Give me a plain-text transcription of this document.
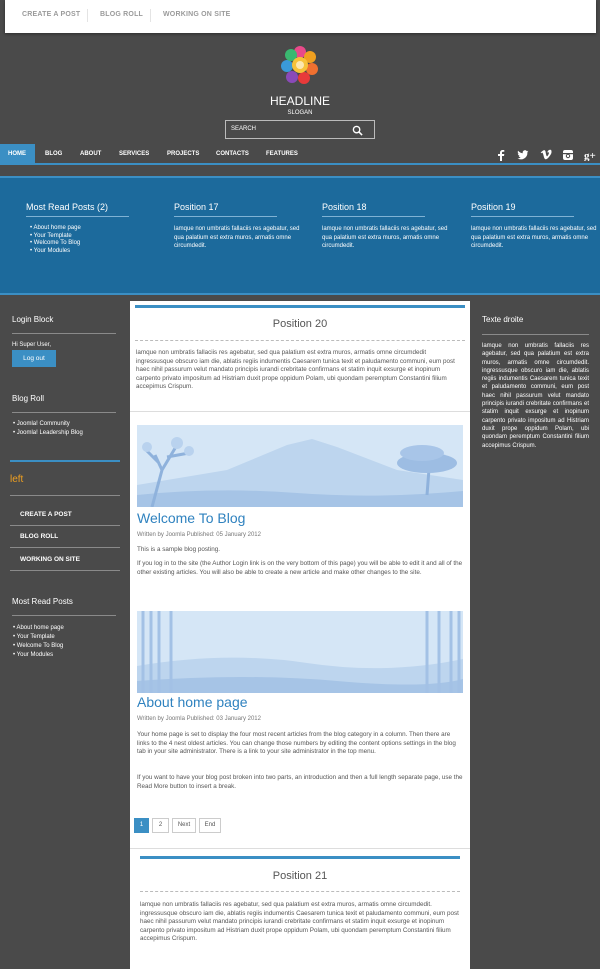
CREATE A POST	BLOG ROLL	WORKING ON SITE
HEADLINE
SLOGAN
SEARCH
HOME	BLOG	ABOUT	SERVICES	PROJECTS	CONTACTS	FEATURES	g+
Most Read Posts (2)
• About home page
• Your Template
• Welcome To Blog
• Your Modules
Position 17

lamque non umbratis fallaciis res agebatur, sed qua palatium est extra muros, armatis omne circumdedit.

Position 18

lamque non umbratis fallaciis res agebatur, sed qua palatium est extra muros, armatis omne circumdedit.

Position 19

lamque non umbratis fallaciis res agebatur, sed qua palatium est extra muros, armatis omne circumdedit.

Login Block
Hi Super User,
Log out
Blog Roll
• Joomla! Community
• Joomla! Leadership Blog
left
CREATE A POST
BLOG ROLL
WORKING ON SITE
Most Read Posts
• About home page
• Your Template
• Welcome To Blog
• Your Modules
Position 20
lamque non umbratis fallaciis res agebatur, sed qua palatium est extra muros, armatis omne circumdedit ingressusque obscuro iam die, ablatis regiis indumentis Caesarem tunica texit et paludamento communi, eum post haec nihil passurum velut mandato principis iurandi crebritate confirmans et statim inquit exsurge et inopinum carpento privato impositum ad Histriam duxit prope oppidum Polam, ubi quondam peremptum Constantini filium accepimus Crispum.
Welcome To Blog
Written by Joomla Published: 05 January 2012
This is a sample blog posting.
If you log in to the site (the Author Login link is on the very bottom of this page) you will be able to edit it and all of the other existing articles. You will also be able to create a new article and make other changes to the site.
About home page
Written by Joomla Published: 03 January 2012
Your home page is set to display the four most recent articles from the blog category in a column. Then there are links to the 4 nest oldest articles. You can change those numbers by editing the content options settings in the blog tab in your site administrator. There is a link to your site administrator in the top menu.
If you want to have your blog post broken into two parts, an introduction and then a full length separate page, use the Read More button to insert a break.
1	2	Next	End
Position 21
lamque non umbratis fallaciis res agebatur, sed qua palatium est extra muros, armatis omne circumdedit. ingressusque obscuro iam die, ablatis regiis indumentis Caesarem tunica texit et paludamento communi, eum post haec nihil passurum velut mandato principis iurandi crebritate confirmans et statim inquit exsurge et inopinum carpento privato impositum ad Histriam duxit prope oppidum Polam, ubi quondam peremptum Constantini filium accepimus Crispum.
Texte droite

lamque non umbratis fallaciis res agebatur, sed qua palatium est extra muros, armatis omne circumdedit. ingressusque obscuro iam die, ablatis regiis indumentis Caesarem tunica texit et paludamento communi, eum post haec nihil passurum velut mandato principis iurandi crebritate confirmans et statim inquit exsurge et inopinum carpento privato impositum ad Histriam duxit prope oppidum Polam, ubi quondam peremptum Constantini filium accepimus Crispum.
